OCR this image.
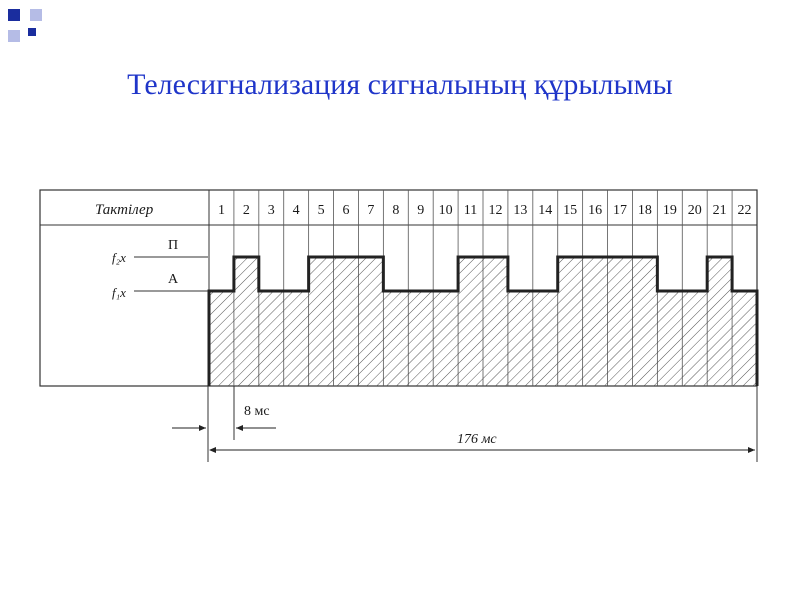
Телесигнализация сигналының құрылымы
Тактілер	1 2 3 4 5 6 7 8 9 10 11 12 13 14 15 16 17 18 19 20 21 22
f₂x
П
f₁x
А
8 мс
176 мс
